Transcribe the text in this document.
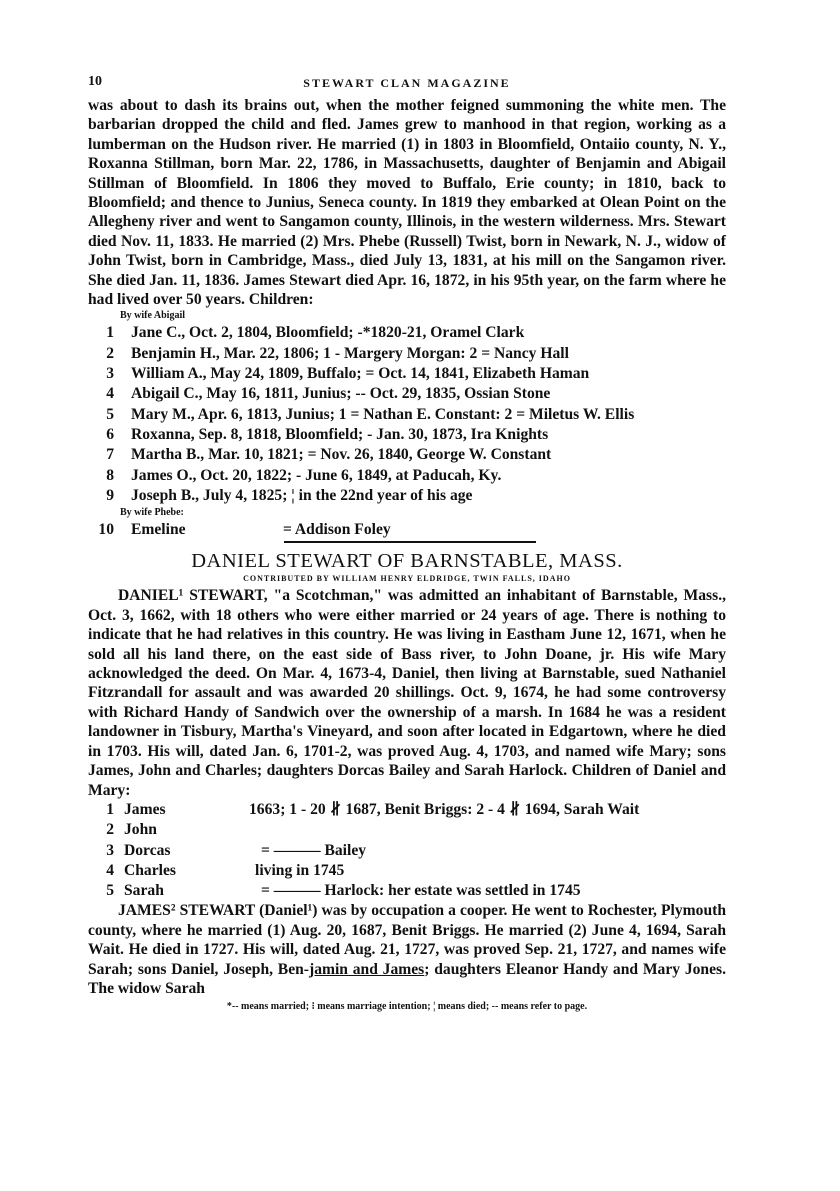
10	STEWART CLAN MAGAZINE

was about to dash its brains out, when the mother feigned summoning the white men. The barbarian dropped the child and fled. James grew to manhood in that region, working as a lumberman on the Hudson river. He married (1) in 1803 in Bloomfield, Ontaiio county, N. Y., Roxanna Stillman, born Mar. 22, 1786, in Massachusetts, daughter of Benjamin and Abigail Stillman of Bloomfield. In 1806 they moved to Buffalo, Erie county; in 1810, back to Bloomfield; and thence to Junius, Seneca county. In 1819 they embarked at Olean Point on the Allegheny river and went to Sangamon county, Illinois, in the western wilderness. Mrs. Stewart died Nov. 11, 1833. He married (2) Mrs. Phebe (Russell) Twist, born in Newark, N. J., widow of John Twist, born in Cambridge, Mass., died July 13, 1831, at his mill on the Sangamon river. She died Jan. 11, 1836. James Stewart died Apr. 16, 1872, in his 95th year, on the farm where he had lived over 50 years. Children:

By wife Abigail
1 Jane C., Oct. 2, 1804, Bloomfield; -*1820-21, Oramel Clark
2 Benjamin H., Mar. 22, 1806; 1 - Margery Morgan: 2 = Nancy Hall
3 William A., May 24, 1809, Buffalo; = Oct. 14, 1841, Elizabeth Haman
4 Abigail C., May 16, 1811, Junius; -- Oct. 29, 1835, Ossian Stone
5 Mary M., Apr. 6, 1813, Junius; 1 = Nathan E. Constant: 2 = Miletus W. Ellis
6 Roxanna, Sep. 8, 1818, Bloomfield; - Jan. 30, 1873, Ira Knights
7 Martha B., Mar. 10, 1821; = Nov. 26, 1840, George W. Constant
8 James O., Oct. 20, 1822; - June 6, 1849, at Paducah, Ky.
9 Joseph B., July 4, 1825; ¦ in the 22nd year of his age
By wife Phebe:
10 Emeline	= Addison Foley
DANIEL STEWART OF BARNSTABLE, MASS.
CONTRIBUTED BY WILLIAM HENRY ELDRIDGE, TWIN FALLS, IDAHO

DANIEL¹ STEWART, "a Scotchman," was admitted an inhabitant of Barnstable, Mass., Oct. 3, 1662, with 18 others who were either married or 24 years of age. There is nothing to indicate that he had relatives in this country. He was living in Eastham June 12, 1671, when he sold all his land there, on the east side of Bass river, to John Doane, jr. His wife Mary acknowledged the deed. On Mar. 4, 1673-4, Daniel, then living at Barnstable, sued Nathaniel Fitzrandall for assault and was awarded 20 shillings. Oct. 9, 1674, he had some controversy with Richard Handy of Sandwich over the ownership of a marsh. In 1684 he was a resident landowner in Tisbury, Martha's Vineyard, and soon after located in Edgartown, where he died in 1703. His will, dated Jan. 6, 1701-2, was proved Aug. 4, 1703, and named wife Mary; sons James, John and Charles; daughters Dorcas Bailey and Sarah Harlock. Children of Daniel and Mary:

1 James	1663; 1 - 20 ∦ 1687, Benit Briggs: 2 - 4 ∦ 1694, Sarah Wait
2 John
3 Dorcas	= ——— Bailey
4 Charles	living in 1745
5 Sarah	= ——— Harlock: her estate was settled in 1745

JAMES² STEWART (Daniel¹) was by occupation a cooper. He went to Rochester, Plymouth county, where he married (1) Aug. 20, 1687, Benit Briggs. He married (2) June 4, 1694, Sarah Wait. He died in 1727. His will, dated Aug. 21, 1727, was proved Sep. 21, 1727, and names wife Sarah; sons Daniel, Joseph, Ben-jamin and James; daughters Eleanor Handy and Mary Jones. The widow Sarah

*-- means married; ⁝ means marriage intention; ¦ means died; -- means refer to page.
